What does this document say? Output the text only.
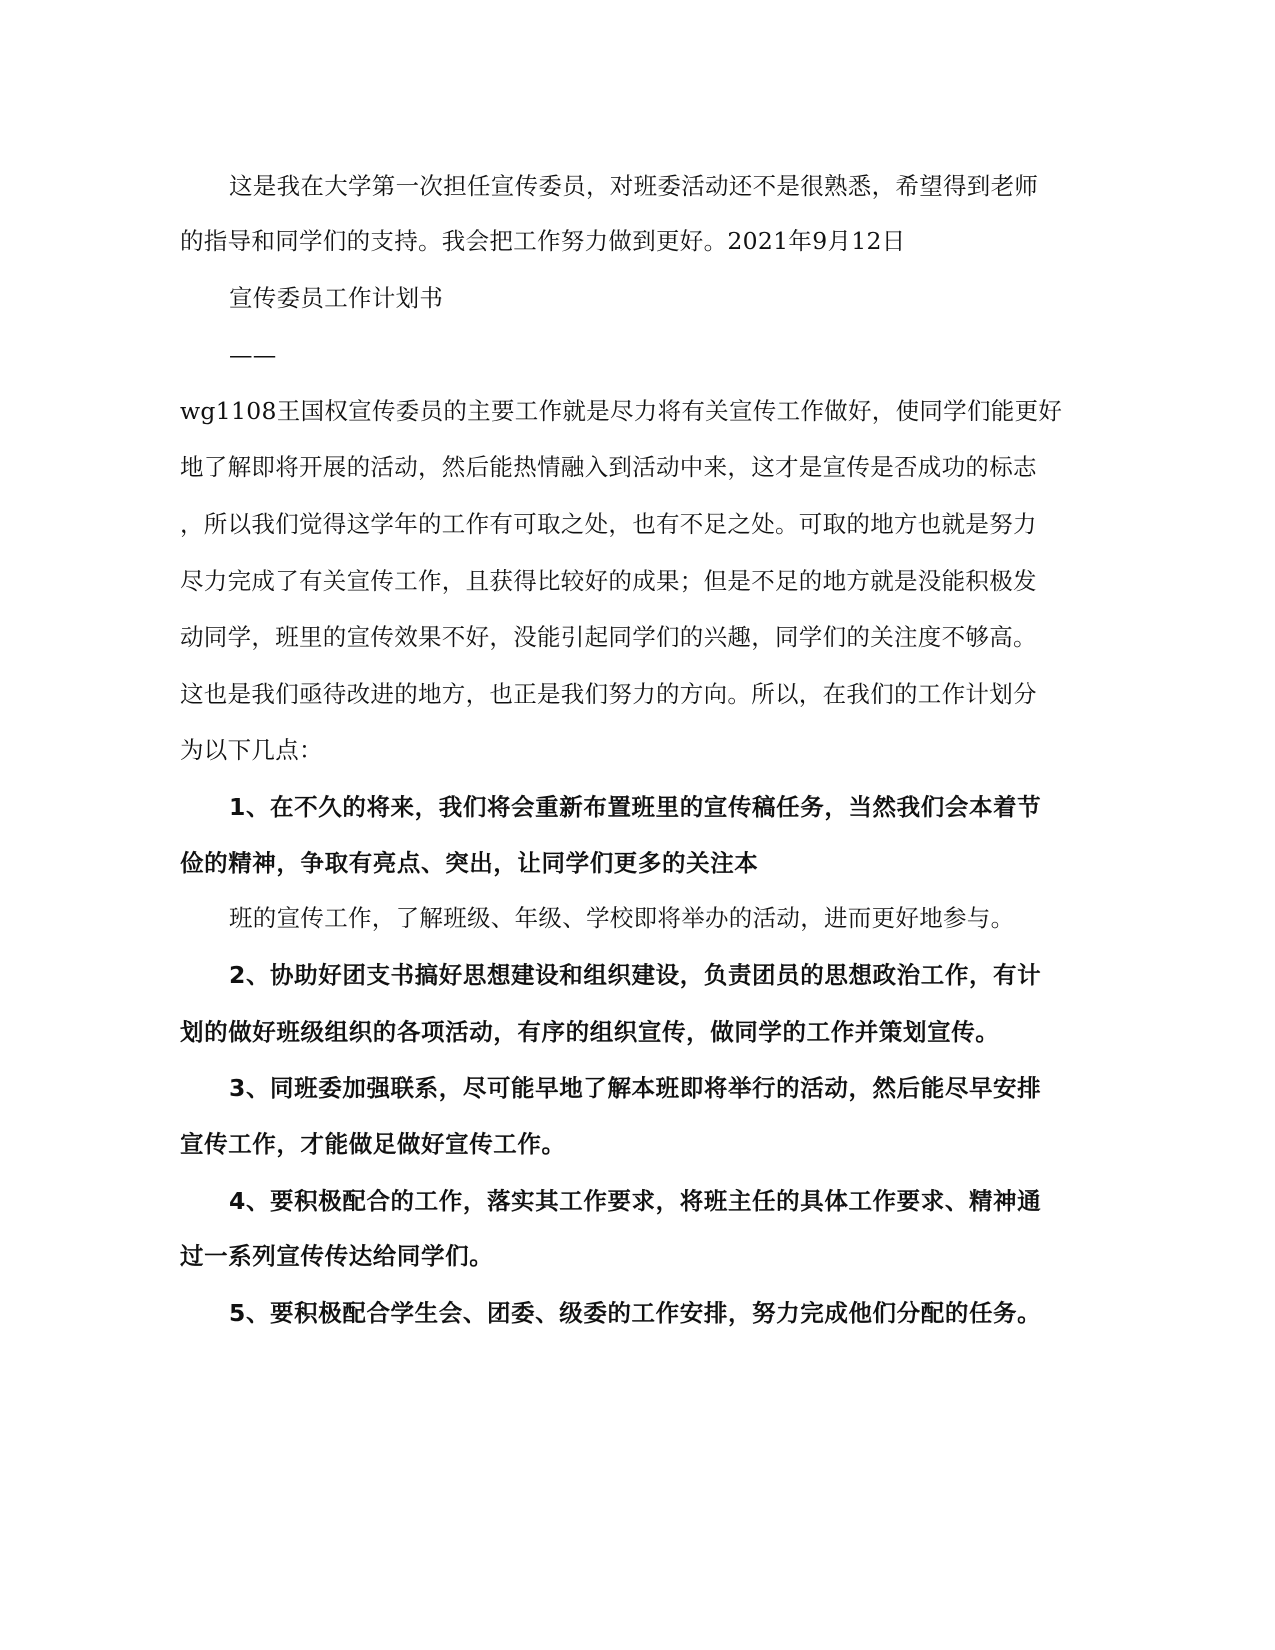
这是我在大学第一次担任宣传委员，对班委活动还不是很熟悉，希望得到老师
的指导和同学们的支持。我会把工作努力做到更好。2021年9月12日
宣传委员工作计划书
——
wg1108王国权宣传委员的主要工作就是尽力将有关宣传工作做好，使同学们能更好
地了解即将开展的活动，然后能热情融入到活动中来，这才是宣传是否成功的标志
，所以我们觉得这学年的工作有可取之处，也有不足之处。可取的地方也就是努力
尽力完成了有关宣传工作，且获得比较好的成果；但是不足的地方就是没能积极发
动同学，班里的宣传效果不好，没能引起同学们的兴趣，同学们的关注度不够高。
这也是我们亟待改进的地方，也正是我们努力的方向。所以，在我们的工作计划分
为以下几点：
1、在不久的将来，我们将会重新布置班里的宣传稿任务，当然我们会本着节
俭的精神，争取有亮点、突出，让同学们更多的关注本
班的宣传工作，了解班级、年级、学校即将举办的活动，进而更好地参与。
2、协助好团支书搞好思想建设和组织建设，负责团员的思想政治工作，有计
划的做好班级组织的各项活动，有序的组织宣传，做同学的工作并策划宣传。
3、同班委加强联系，尽可能早地了解本班即将举行的活动，然后能尽早安排
宣传工作，才能做足做好宣传工作。
4、要积极配合的工作，落实其工作要求，将班主任的具体工作要求、精神通
过一系列宣传传达给同学们。
5、要积极配合学生会、团委、级委的工作安排，努力完成他们分配的任务。
